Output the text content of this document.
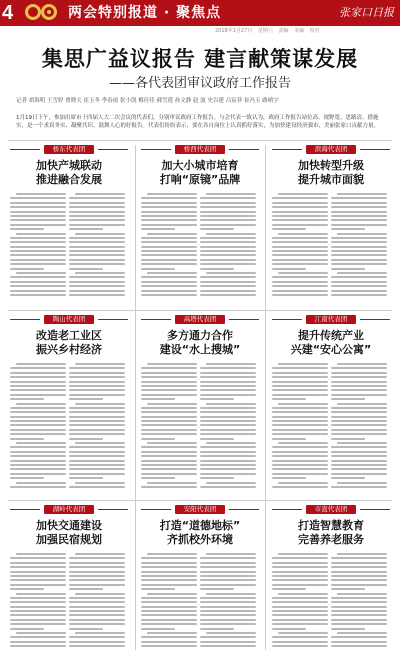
4	两会特别报道 · 聚焦点	张家口日报
2018年1月27日 星期六 责编 美编 校对
集思广益议报告 建言献策谋发展
——各代表团审议政府工作报告
记者 胡海明 王雪婷 贾晓天 崔玉冬 李春雨 张小凯 梅佳佳 郝雪莲 孙文静 赵 波 史以建 吕宸菲 崔冯玉 路晴宇
1月19日下午，参加出席市十四届人大二次会议的代表们，分别审议政府工作报告。与会代表一致认为，政府工作报告站位高、视野宽、思路清、措施实，是一个求真务实、凝聚共识、鼓舞人心的好报告。代表们纷纷表示，要在各自岗位上认真抓好落实，为加快建设经济强市、美丽张家口贡献力量。
桥东代表团
加快产城联动
推进融合发展
桥西代表团
加大小城市培育
打响“原镜”品牌
滨海代表团
加快转型升级
提升城市面貌
陶山代表团
改造老工业区
振兴乡村经济
高塔代表团
多方通力合作
建设“水上搜城”
江南代表团
提升传统产业
兴建“安心公寓”
湖岭代表团
加快交通建设
加强民宿规划
安阳代表团
打造“道德地标”
齐抓校外环境
市直代表团
打造智慧教育
完善养老服务
